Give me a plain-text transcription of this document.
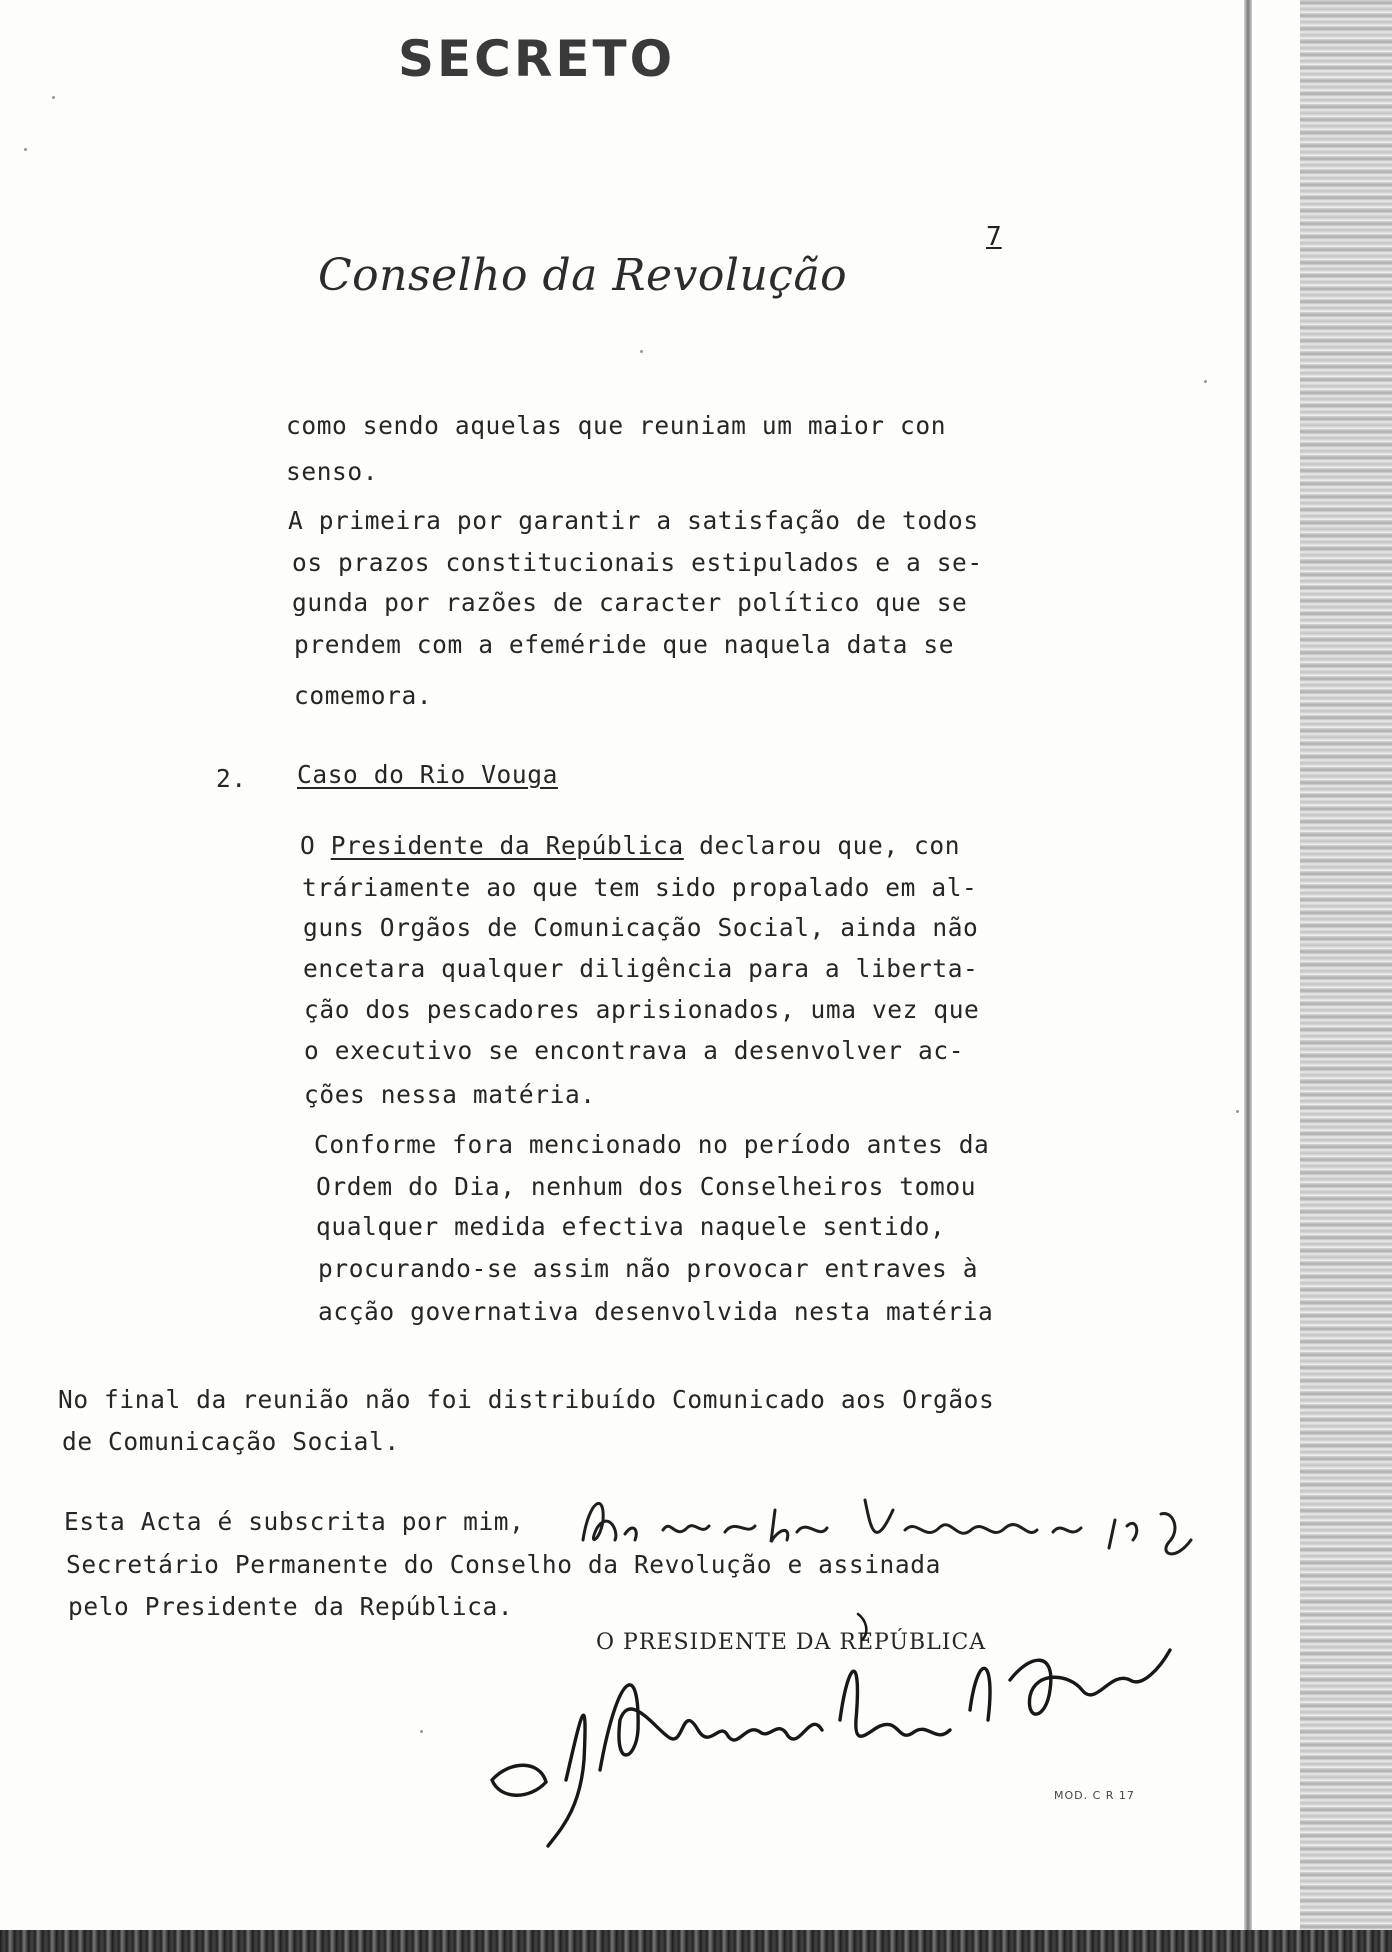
SECRETO
7
Conselho da Revolução
como sendo aquelas que reuniam um maior con
senso.
A primeira por garantir a satisfação de todos
os prazos constitucionais estipulados e a se-
gunda por razões de caracter político que se
prendem com a efeméride que naquela data se
comemora.
2. Caso do Rio Vouga
O Presidente da República declarou que, con
tráriamente ao que tem sido propalado em al-
guns Orgãos de Comunicação Social, ainda não
encetara qualquer diligência para a liberta-
ção dos pescadores aprisionados, uma vez que
o executivo se encontrava a desenvolver ac-
ções nessa matéria.
Conforme fora mencionado no período antes da
Ordem do Dia, nenhum dos Conselheiros tomou
qualquer medida efectiva naquele sentido,
procurando-se assim não provocar entraves à
acção governativa desenvolvida nesta matéria
No final da reunião não foi distribuído Comunicado aos Orgãos
de Comunicação Social.
Esta Acta é subscrita por mim,
Secretário Permanente do Conselho da Revolução e assinada
pelo Presidente da República.
O PRESIDENTE DA REPÚBLICA
MOD. C R 17
